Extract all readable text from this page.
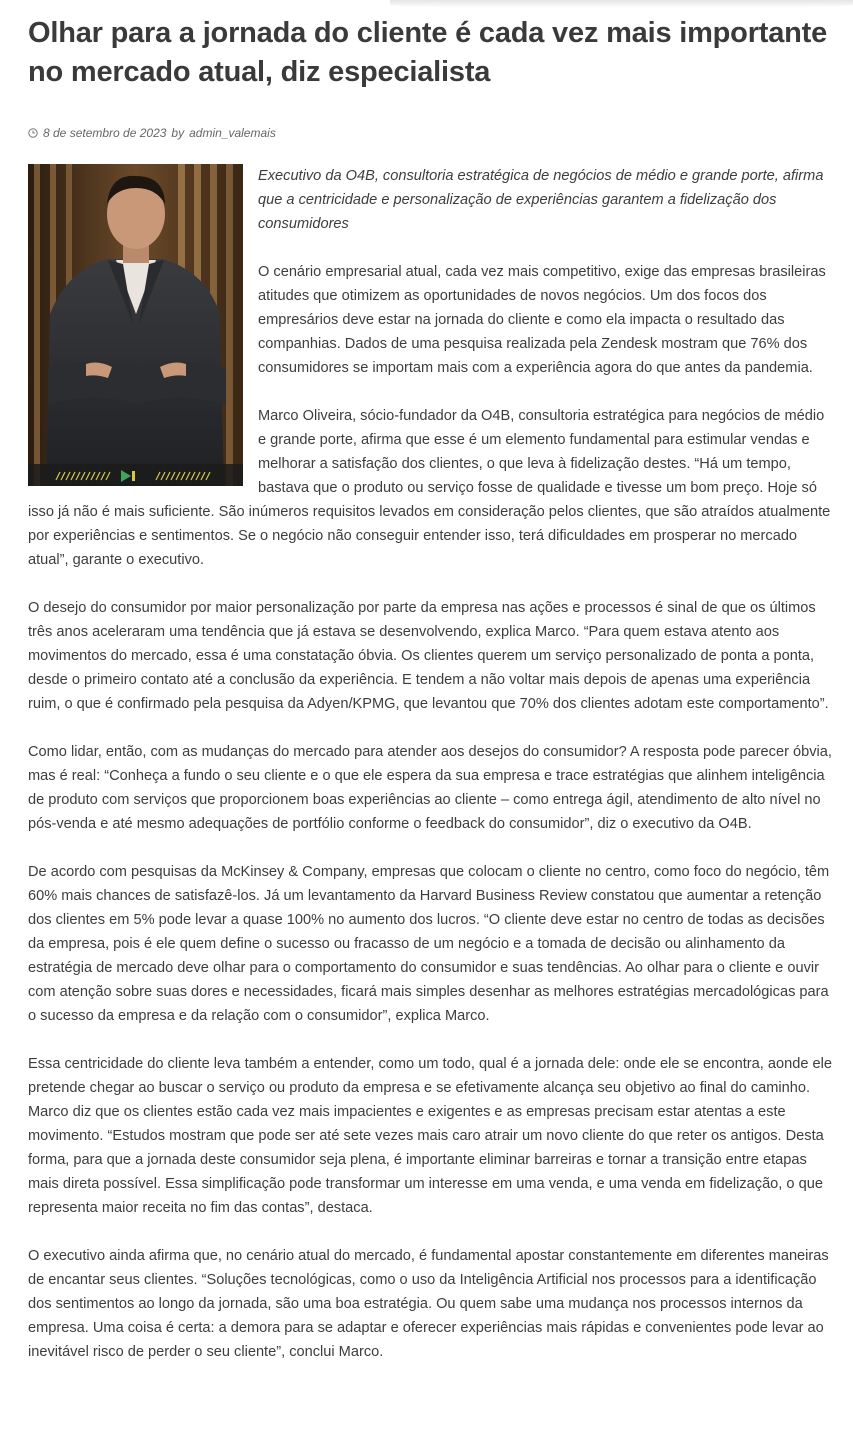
Olhar para a jornada do cliente é cada vez mais importante no mercado atual, diz especialista
8 de setembro de 2023 by admin_valemais

Executivo da O4B, consultoria estratégica de negócios de médio e grande porte, afirma que a centricidade e personalização de experiências garantem a fidelização dos consumidores

O cenário empresarial atual, cada vez mais competitivo, exige das empresas brasileiras atitudes que otimizem as oportunidades de novos negócios. Um dos focos dos empresários deve estar na jornada do cliente e como ela impacta o resultado das companhias. Dados de uma pesquisa realizada pela Zendesk mostram que 76% dos consumidores se importam mais com a experiência agora do que antes da pandemia.

Marco Oliveira, sócio-fundador da O4B, consultoria estratégica para negócios de médio e grande porte, afirma que esse é um elemento fundamental para estimular vendas e melhorar a satisfação dos clientes, o que leva à fidelização destes. “Há um tempo, bastava que o produto ou serviço fosse de qualidade e tivesse um bom preço. Hoje só isso já não é mais suficiente. São inúmeros requisitos levados em consideração pelos clientes, que são atraídos atualmente por experiências e sentimentos. Se o negócio não conseguir entender isso, terá dificuldades em prosperar no mercado atual”, garante o executivo.

O desejo do consumidor por maior personalização por parte da empresa nas ações e processos é sinal de que os últimos três anos aceleraram uma tendência que já estava se desenvolvendo, explica Marco. “Para quem estava atento aos movimentos do mercado, essa é uma constatação óbvia. Os clientes querem um serviço personalizado de ponta a ponta, desde o primeiro contato até a conclusão da experiência. E tendem a não voltar mais depois de apenas uma experiência ruim, o que é confirmado pela pesquisa da Adyen/KPMG, que levantou que 70% dos clientes adotam este comportamento”.

Como lidar, então, com as mudanças do mercado para atender aos desejos do consumidor? A resposta pode parecer óbvia, mas é real: “Conheça a fundo o seu cliente e o que ele espera da sua empresa e trace estratégias que alinhem inteligência de produto com serviços que proporcionem boas experiências ao cliente – como entrega ágil, atendimento de alto nível no pós-venda e até mesmo adequações de portfólio conforme o feedback do consumidor”, diz o executivo da O4B.

De acordo com pesquisas da McKinsey & Company, empresas que colocam o cliente no centro, como foco do negócio, têm 60% mais chances de satisfazê-los. Já um levantamento da Harvard Business Review constatou que aumentar a retenção dos clientes em 5% pode levar a quase 100% no aumento dos lucros. “O cliente deve estar no centro de todas as decisões da empresa, pois é ele quem define o sucesso ou fracasso de um negócio e a tomada de decisão ou alinhamento da estratégia de mercado deve olhar para o comportamento do consumidor e suas tendências. Ao olhar para o cliente e ouvir com atenção sobre suas dores e necessidades, ficará mais simples desenhar as melhores estratégias mercadológicas para o sucesso da empresa e da relação com o consumidor”, explica Marco.

Essa centricidade do cliente leva também a entender, como um todo, qual é a jornada dele: onde ele se encontra, aonde ele pretende chegar ao buscar o serviço ou produto da empresa e se efetivamente alcança seu objetivo ao final do caminho. Marco diz que os clientes estão cada vez mais impacientes e exigentes e as empresas precisam estar atentas a este movimento. “Estudos mostram que pode ser até sete vezes mais caro atrair um novo cliente do que reter os antigos. Desta forma, para que a jornada deste consumidor seja plena, é importante eliminar barreiras e tornar a transição entre etapas mais direta possível. Essa simplificação pode transformar um interesse em uma venda, e uma venda em fidelização, o que representa maior receita no fim das contas”, destaca.

O executivo ainda afirma que, no cenário atual do mercado, é fundamental apostar constantemente em diferentes maneiras de encantar seus clientes. “Soluções tecnológicas, como o uso da Inteligência Artificial nos processos para a identificação dos sentimentos ao longo da jornada, são uma boa estratégia. Ou quem sabe uma mudança nos processos internos da empresa. Uma coisa é certa: a demora para se adaptar e oferecer experiências mais rápidas e convenientes pode levar ao inevitável risco de perder o seu cliente”, conclui Marco.
